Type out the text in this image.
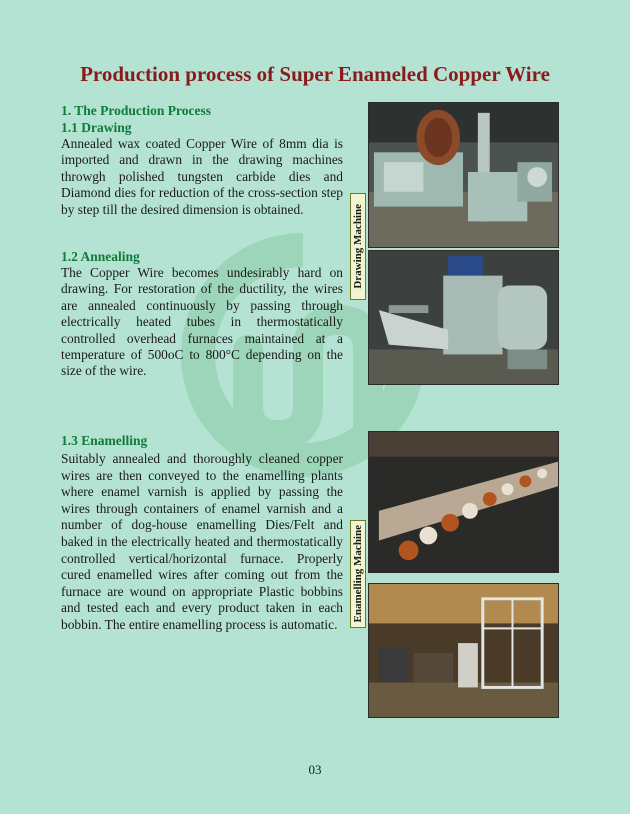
Production process of Super Enameled Copper Wire
1. The Production Process
1.1 Drawing

Annealed wax coated Copper Wire of 8mm dia is imported and drawn in the drawing machines throwgh polished tungsten carbide dies and Diamond dies for reduction of the cross-section step by step till the desired dimension is obtained.

1.2 Annealing

The Copper Wire becomes undesirably hard on drawing. For restoration of the ductility, the wires are annealed continuously by passing through electrically heated tubes in thermostatically controlled overhead furnaces maintained at a temperature of 500oC to 800°C depending on the size of the wire.

1.3 Enamelling

Suitably annealed and thoroughly cleaned copper wires are then conveyed to the enamelling plants where enamel varnish is applied by passing the wires through containers of enamel varnish and a number of dog-house enamelling Dies/Felt and baked in the electrically heated and thermostatically controlled vertical/horizontal furnace. Properly cured enamelled wires after coming out from the furnace are wound on appropriate Plastic bobbins and tested each and every product taken in each bobbin. The entire enamelling process is automatic.

Drawing Machine
Enamelling Machine

03
